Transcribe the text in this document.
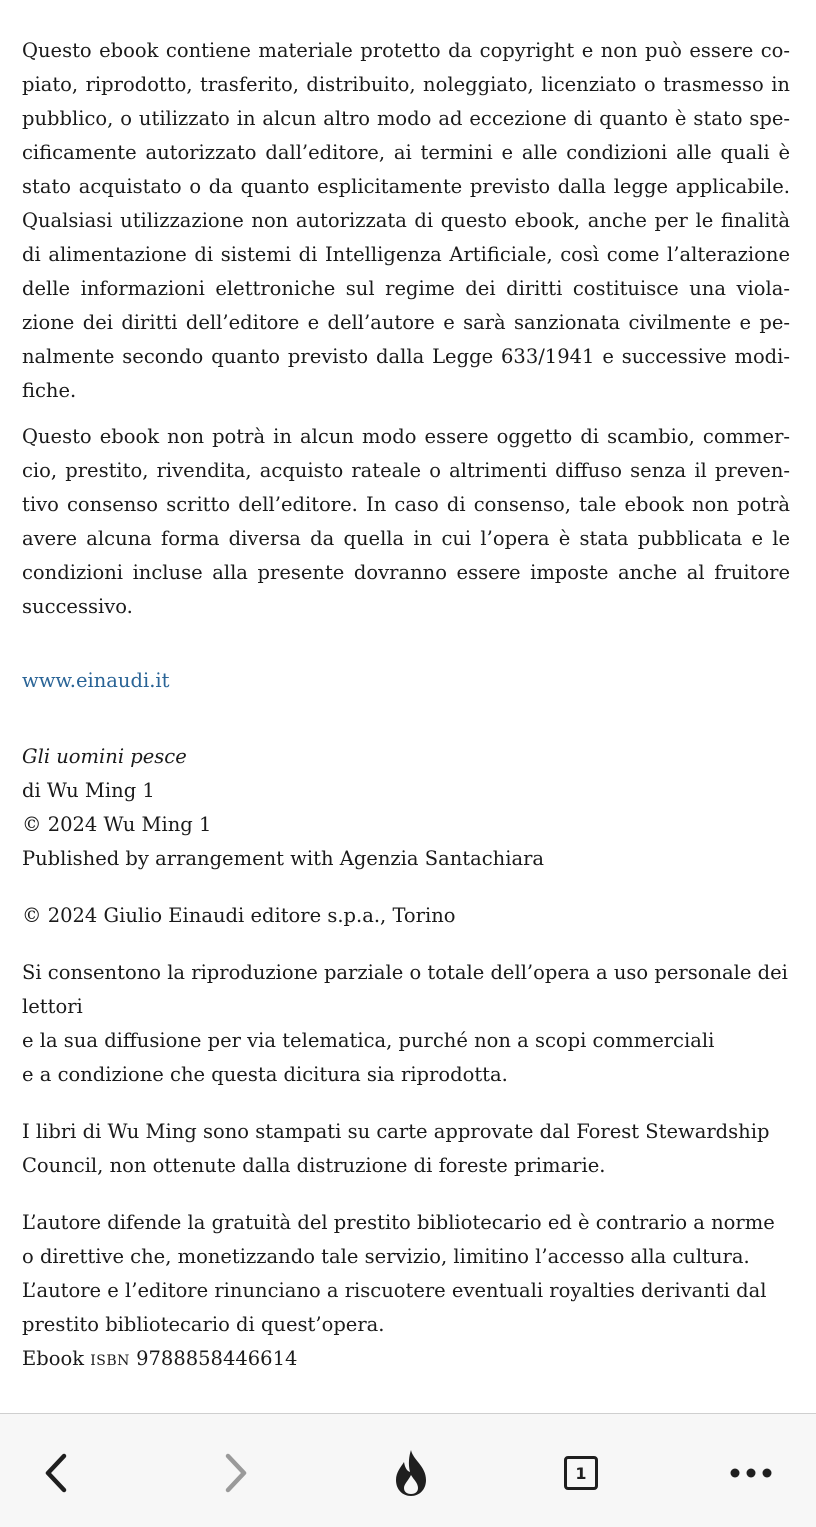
Questo ebook contiene materiale protetto da copyright e non può essere copiato, riprodotto, trasferito, distribuito, noleggiato, licenziato o trasmesso in pubblico, o utilizzato in alcun altro modo ad eccezione di quanto è stato specificamente autorizzato dall’editore, ai termini e alle condizioni alle quali è stato acquistato o da quanto esplicitamente previsto dalla legge applicabile. Qualsiasi utilizzazione non autorizzata di questo ebook, anche per le finalità di alimentazione di sistemi di Intelligenza Artificiale, così come l’alterazione delle informazioni elettroniche sul regime dei diritti costituisce una violazione dei diritti dell’editore e dell’autore e sarà sanzionata civilmente e penalmente secondo quanto previsto dalla Legge 633/1941 e successive modifiche.

Questo ebook non potrà in alcun modo essere oggetto di scambio, commercio, prestito, rivendita, acquisto rateale o altrimenti diffuso senza il preventivo consenso scritto dell’editore. In caso di consenso, tale ebook non potrà avere alcuna forma diversa da quella in cui l’opera è stata pubblicata e le condizioni incluse alla presente dovranno essere imposte anche al fruitore successivo.

www.einaudi.it
Gli uomini pesce
di Wu Ming 1
© 2024 Wu Ming 1
Published by arrangement with Agenzia Santachiara
© 2024 Giulio Einaudi editore s.p.a., Torino
Si consentono la riproduzione parziale o totale dell’opera a uso personale dei lettori
e la sua diffusione per via telematica, purché non a scopi commerciali
e a condizione che questa dicitura sia riprodotta.
I libri di Wu Ming sono stampati su carte approvate dal Forest Stewardship
Council, non ottenute dalla distruzione di foreste primarie.
L’autore difende la gratuità del prestito bibliotecario ed è contrario a norme
o direttive che, monetizzando tale servizio, limitino l’accesso alla cultura.
L’autore e l’editore rinunciano a riscuotere eventuali royalties derivanti dal
prestito bibliotecario di quest’opera.
Ebook ISBN 9788858446614
1
